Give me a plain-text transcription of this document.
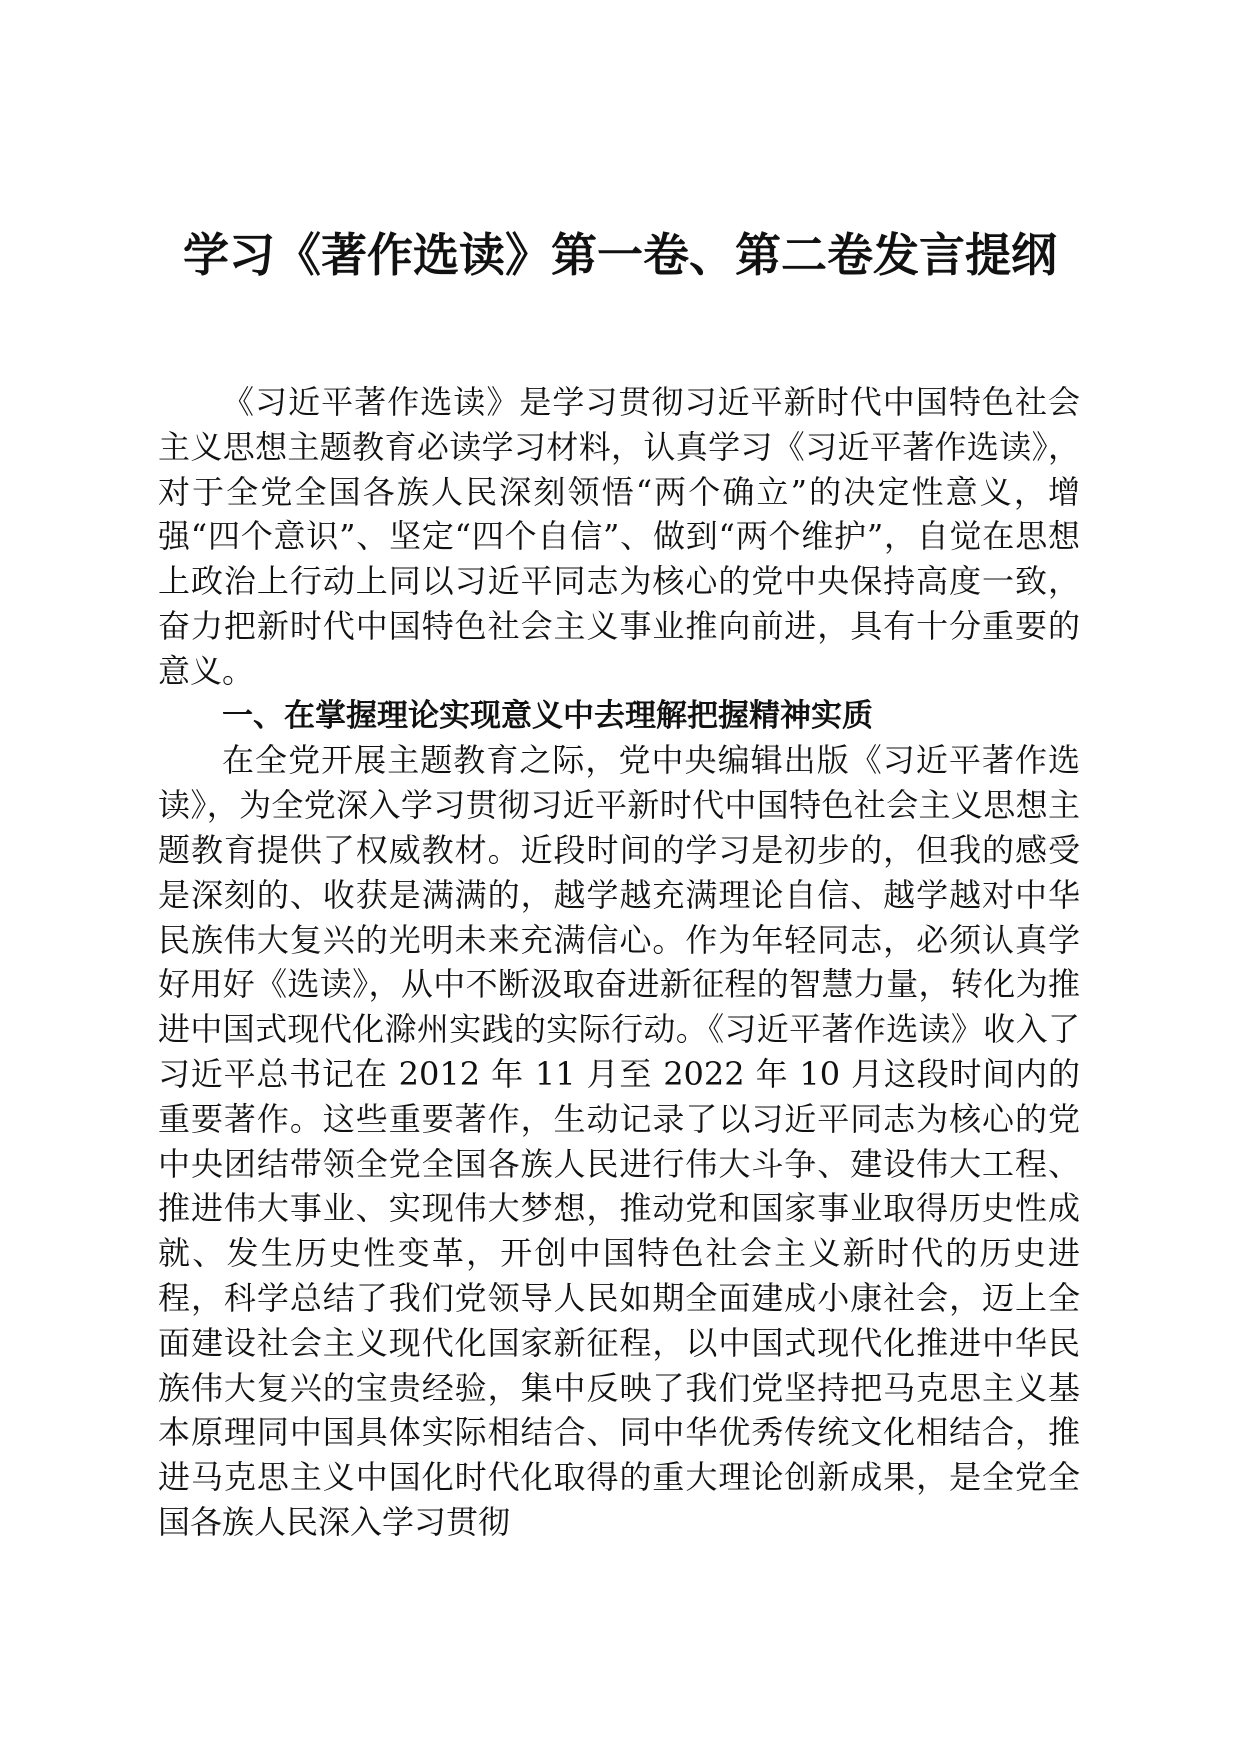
学习《著作选读》第一卷、第二卷发言提纲

《习近平著作选读》是学习贯彻习近平新时代中国特色社会主义思想主题教育必读学习材料，认真学习《习近平著作选读》，对于全党全国各族人民深刻领悟“两个确立”的决定性意义，增强“四个意识”、坚定“四个自信”、做到“两个维护”，自觉在思想上政治上行动上同以习近平同志为核心的党中央保持高度一致，奋力把新时代中国特色社会主义事业推向前进，具有十分重要的意义。

一、在掌握理论实现意义中去理解把握精神实质

在全党开展主题教育之际，党中央编辑出版《习近平著作选读》，为全党深入学习贯彻习近平新时代中国特色社会主义思想主题教育提供了权威教材。近段时间的学习是初步的，但我的感受是深刻的、收获是满满的，越学越充满理论自信、越学越对中华民族伟大复兴的光明未来充满信心。作为年轻同志，必须认真学好用好《选读》，从中不断汲取奋进新征程的智慧力量，转化为推进中国式现代化滁州实践的实际行动。《习近平著作选读》收入了习近平总书记在 2012 年 11 月至 2022 年 10 月这段时间内的重要著作。这些重要著作，生动记录了以习近平同志为核心的党中央团结带领全党全国各族人民进行伟大斗争、建设伟大工程、推进伟大事业、实现伟大梦想，推动党和国家事业取得历史性成就、发生历史性变革，开创中国特色社会主义新时代的历史进程，科学总结了我们党领导人民如期全面建成小康社会，迈上全面建设社会主义现代化国家新征程，以中国式现代化推进中华民族伟大复兴的宝贵经验，集中反映了我们党坚持把马克思主义基本原理同中国具体实际相结合、同中华优秀传统文化相结合，推进马克思主义中国化时代化取得的重大理论创新成果，是全党全国各族人民深入学习贯彻
